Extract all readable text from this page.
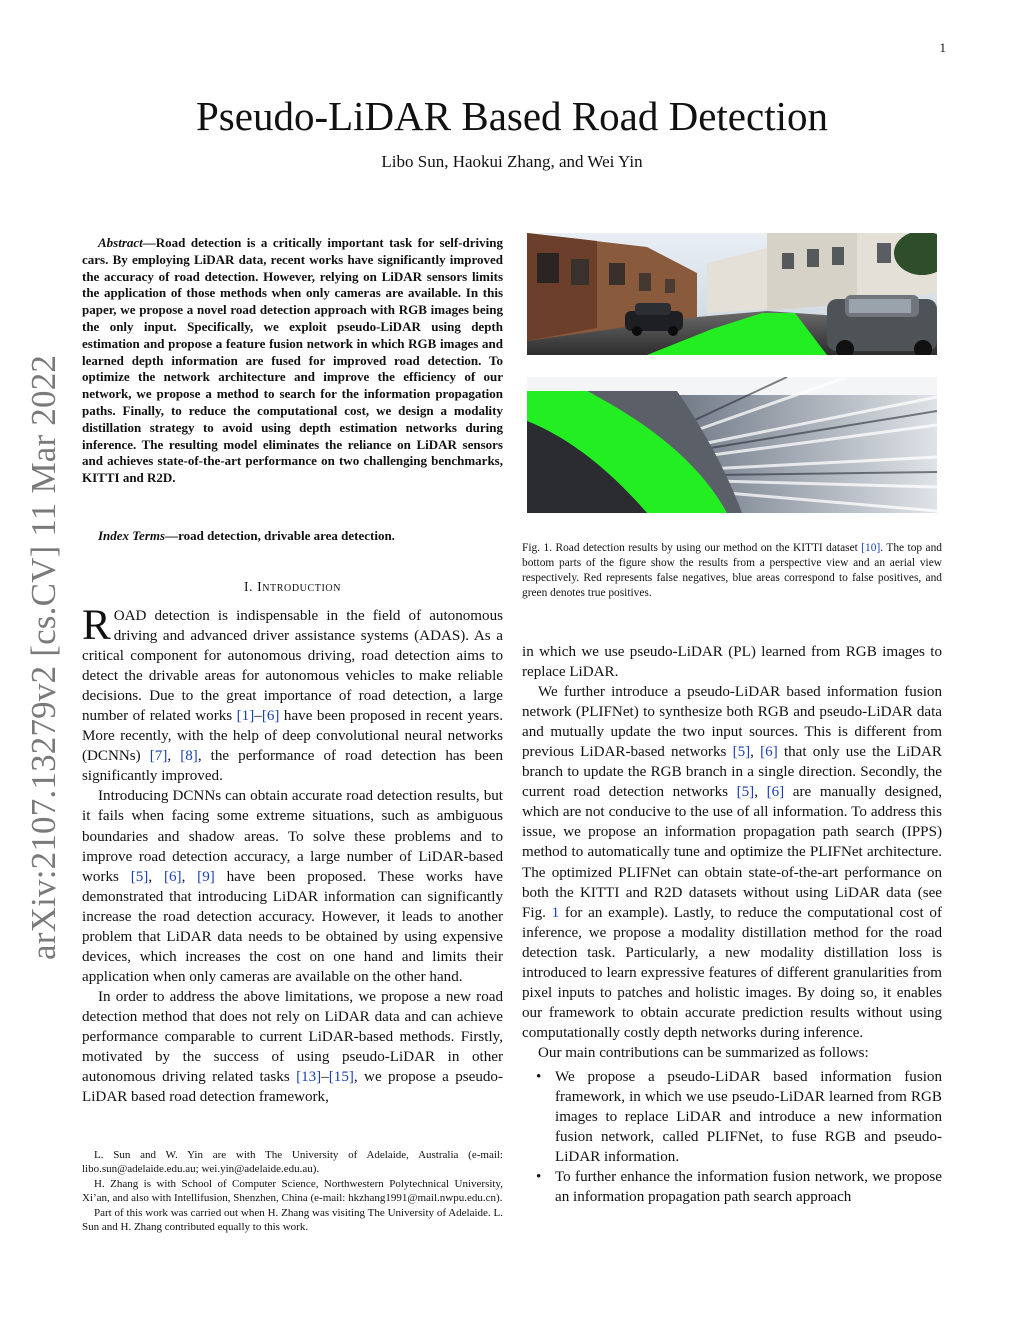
1
arXiv:2107.13279v2 [cs.CV] 11 Mar 2022
Pseudo-LiDAR Based Road Detection
Libo Sun, Haokui Zhang, and Wei Yin
Abstract—Road detection is a critically important task for self-driving cars. By employing LiDAR data, recent works have significantly improved the accuracy of road detection. However, relying on LiDAR sensors limits the application of those methods when only cameras are available. In this paper, we propose a novel road detection approach with RGB images being the only input. Specifically, we exploit pseudo-LiDAR using depth estimation and propose a feature fusion network in which RGB images and learned depth information are fused for improved road detection. To optimize the network architecture and improve the efficiency of our network, we propose a method to search for the information propagation paths. Finally, to reduce the computational cost, we design a modality distillation strategy to avoid using depth estimation networks during inference. The resulting model eliminates the reliance on LiDAR sensors and achieves state-of-the-art performance on two challenging benchmarks, KITTI and R2D.
Index Terms—road detection, drivable area detection.
I. Introduction

ROAD detection is indispensable in the field of autonomous driving and advanced driver assistance systems (ADAS). As a critical component for autonomous driving, road detection aims to detect the drivable areas for autonomous vehicles to make reliable decisions. Due to the great importance of road detection, a large number of related works [1]–[6] have been proposed in recent years. More recently, with the help of deep convolutional neural networks (DCNNs) [7], [8], the performance of road detection has been significantly improved.

Introducing DCNNs can obtain accurate road detection results, but it fails when facing some extreme situations, such as ambiguous boundaries and shadow areas. To solve these problems and to improve road detection accuracy, a large number of LiDAR-based works [5], [6], [9] have been proposed. These works have demonstrated that introducing LiDAR information can significantly increase the road detection accuracy. However, it leads to another problem that LiDAR data needs to be obtained by using expensive devices, which increases the cost on one hand and limits their application when only cameras are available on the other hand.

In order to address the above limitations, we propose a new road detection method that does not rely on LiDAR data and can achieve performance comparable to current LiDAR-based methods. Firstly, motivated by the success of using pseudo-LiDAR in other autonomous driving related tasks [13]–[15], we propose a pseudo-LiDAR based road detection framework,

L. Sun and W. Yin are with The University of Adelaide, Australia (e-mail: libo.sun@adelaide.edu.au; wei.yin@adelaide.edu.au).

H. Zhang is with School of Computer Science, Northwestern Polytechnical University, Xi’an, and also with Intellifusion, Shenzhen, China (e-mail: hkzhang1991@mail.nwpu.edu.cn).

Part of this work was carried out when H. Zhang was visiting The University of Adelaide. L. Sun and H. Zhang contributed equally to this work.

Fig. 1. Road detection results by using our method on the KITTI dataset [10]. The top and bottom parts of the figure show the results from a perspective view and an aerial view respectively. Red represents false negatives, blue areas correspond to false positives, and green denotes true positives.

in which we use pseudo-LiDAR (PL) learned from RGB images to replace LiDAR.

We further introduce a pseudo-LiDAR based information fusion network (PLIFNet) to synthesize both RGB and pseudo-LiDAR data and mutually update the two input sources. This is different from previous LiDAR-based networks [5], [6] that only use the LiDAR branch to update the RGB branch in a single direction. Secondly, the current road detection networks [5], [6] are manually designed, which are not conducive to the use of all information. To address this issue, we propose an information propagation path search (IPPS) method to automatically tune and optimize the PLIFNet architecture. The optimized PLIFNet can obtain state-of-the-art performance on both the KITTI and R2D datasets without using LiDAR data (see Fig. 1 for an example). Lastly, to reduce the computational cost of inference, we propose a modality distillation method for the road detection task. Particularly, a new modality distillation loss is introduced to learn expressive features of different granularities from pixel inputs to patches and holistic images. By doing so, it enables our framework to obtain accurate prediction results without using computationally costly depth networks during inference.

Our main contributions can be summarized as follows:

• We propose a pseudo-LiDAR based information fusion framework, in which we use pseudo-LiDAR learned from RGB images to replace LiDAR and introduce a new information fusion network, called PLIFNet, to fuse RGB and pseudo-LiDAR information.
• To further enhance the information fusion network, we propose an information propagation path search approach
